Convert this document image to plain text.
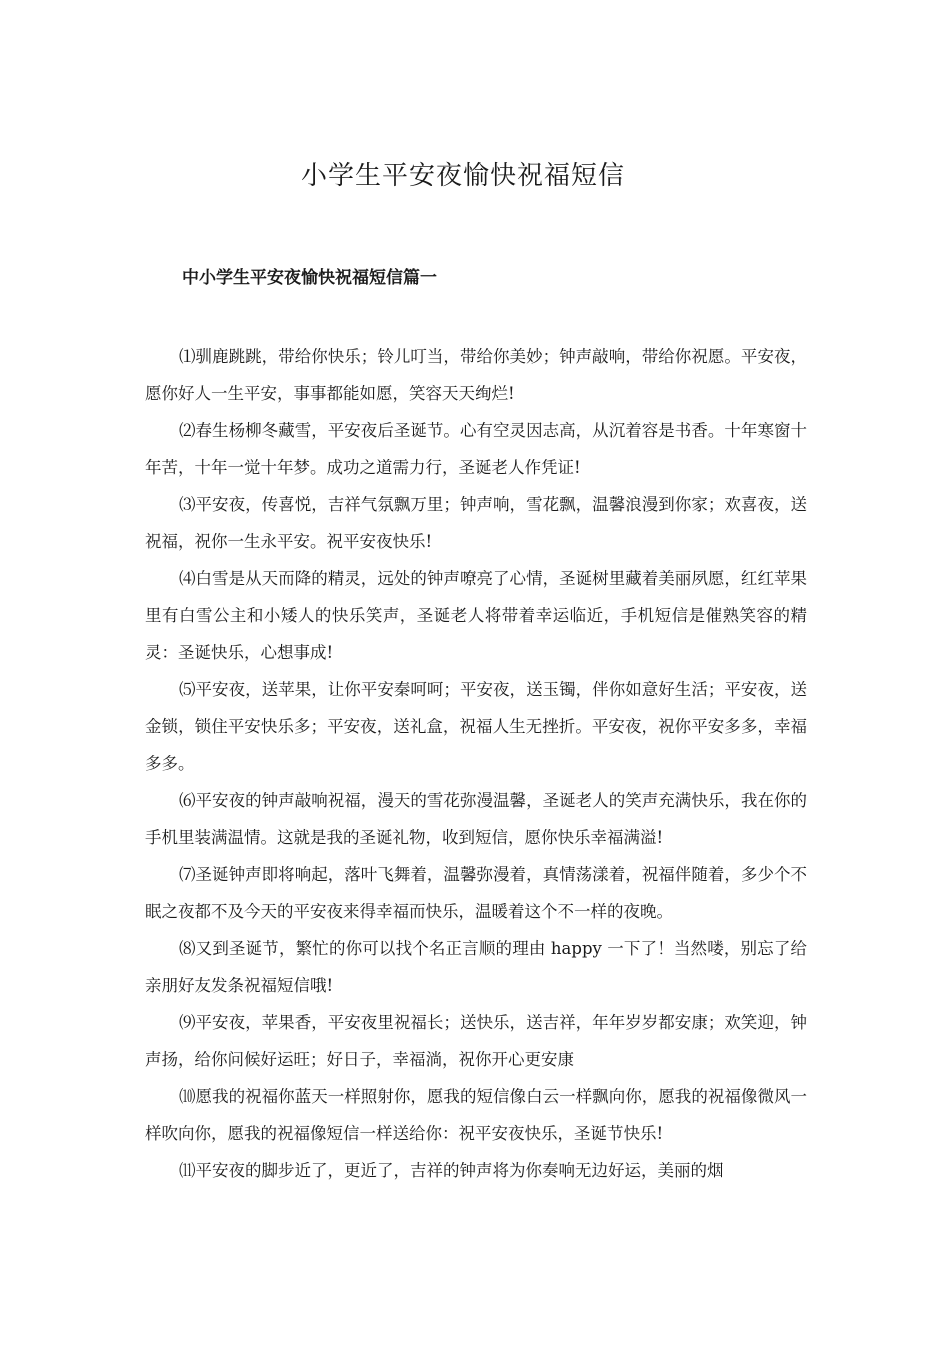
小学生平安夜愉快祝福短信
中小学生平安夜愉快祝福短信篇一

⑴驯鹿跳跳，带给你快乐；铃儿叮当，带给你美妙；钟声敲响，带给你祝愿。平安夜，愿你好人一生平安，事事都能如愿，笑容天天绚烂!

⑵春生杨柳冬藏雪，平安夜后圣诞节。心有空灵因志高，从沉着容是书香。十年寒窗十年苦，十年一觉十年梦。成功之道需力行，圣诞老人作凭证!

⑶平安夜，传喜悦，吉祥气氛飘万里；钟声响，雪花飘，温馨浪漫到你家；欢喜夜，送祝福，祝你一生永平安。祝平安夜快乐!

⑷白雪是从天而降的精灵，远处的钟声嘹亮了心情，圣诞树里藏着美丽夙愿，红红苹果里有白雪公主和小矮人的快乐笑声，圣诞老人将带着幸运临近，手机短信是催熟笑容的精灵：圣诞快乐，心想事成!

⑸平安夜，送苹果，让你平安秦呵呵；平安夜，送玉镯，伴你如意好生活；平安夜，送金锁，锁住平安快乐多；平安夜，送礼盒，祝福人生无挫折。平安夜，祝你平安多多，幸福多多。

⑹平安夜的钟声敲响祝福，漫天的雪花弥漫温馨，圣诞老人的笑声充满快乐，我在你的手机里装满温情。这就是我的圣诞礼物，收到短信，愿你快乐幸福满溢!

⑺圣诞钟声即将响起，落叶飞舞着，温馨弥漫着，真情荡漾着，祝福伴随着，多少个不眠之夜都不及今天的平安夜来得幸福而快乐，温暖着这个不一样的夜晚。

⑻又到圣诞节，繁忙的你可以找个名正言顺的理由 happy 一下了！当然喽，别忘了给亲朋好友发条祝福短信哦!

⑼平安夜，苹果香，平安夜里祝福长；送快乐，送吉祥，年年岁岁都安康；欢笑迎，钟声扬，给你问候好运旺；好日子，幸福淌，祝你开心更安康

⑽愿我的祝福你蓝天一样照射你，愿我的短信像白云一样飘向你，愿我的祝福像微风一样吹向你，愿我的祝福像短信一样送给你：祝平安夜快乐，圣诞节快乐!

⑾平安夜的脚步近了，更近了，吉祥的钟声将为你奏响无边好运，美丽的烟
